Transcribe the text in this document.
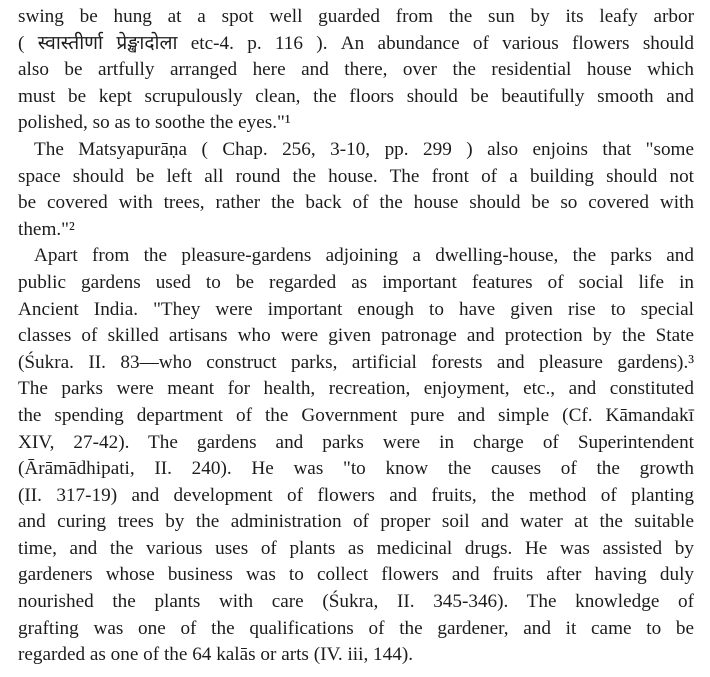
swing be hung at a spot well guarded from the sun by its leafy arbor
( स्वास्तीर्णा प्रेङ्खादोला etc-4. p. 116 ). An abundance of various flowers should
also be artfully arranged here and there, over the residential house which
must be kept scrupulously clean, the floors should be beautifully smooth and
polished, so as to soothe the eyes."¹
The Matsyapurāṇa ( Chap. 256, 3-10, pp. 299 ) also enjoins that "some
space should be left all round the house. The front of a building should not
be covered with trees, rather the back of the house should be so covered with
them."²
Apart from the pleasure-gardens adjoining a dwelling-house, the parks and
public gardens used to be regarded as important features of social life in
Ancient India. "They were important enough to have given rise to special
classes of skilled artisans who were given patronage and protection by the State
(Śukra. II. 83—who construct parks, artificial forests and pleasure gardens).³
The parks were meant for health, recreation, enjoyment, etc., and constituted
the spending department of the Government pure and simple (Cf. Kāmandakī
XIV, 27-42). The gardens and parks were in charge of Superintendent
(Ārāmādhipati, II. 240). He was "to know the causes of the growth
(II. 317-19) and development of flowers and fruits, the method of planting
and curing trees by the administration of proper soil and water at the suitable
time, and the various uses of plants as medicinal drugs. He was assisted by
gardeners whose business was to collect flowers and fruits after having duly
nourished the plants with care (Śukra, II. 345-346). The knowledge of
grafting was one of the qualifications of the gardener, and it came to be
regarded as one of the 64 kalās or arts (IV. iii, 144).
